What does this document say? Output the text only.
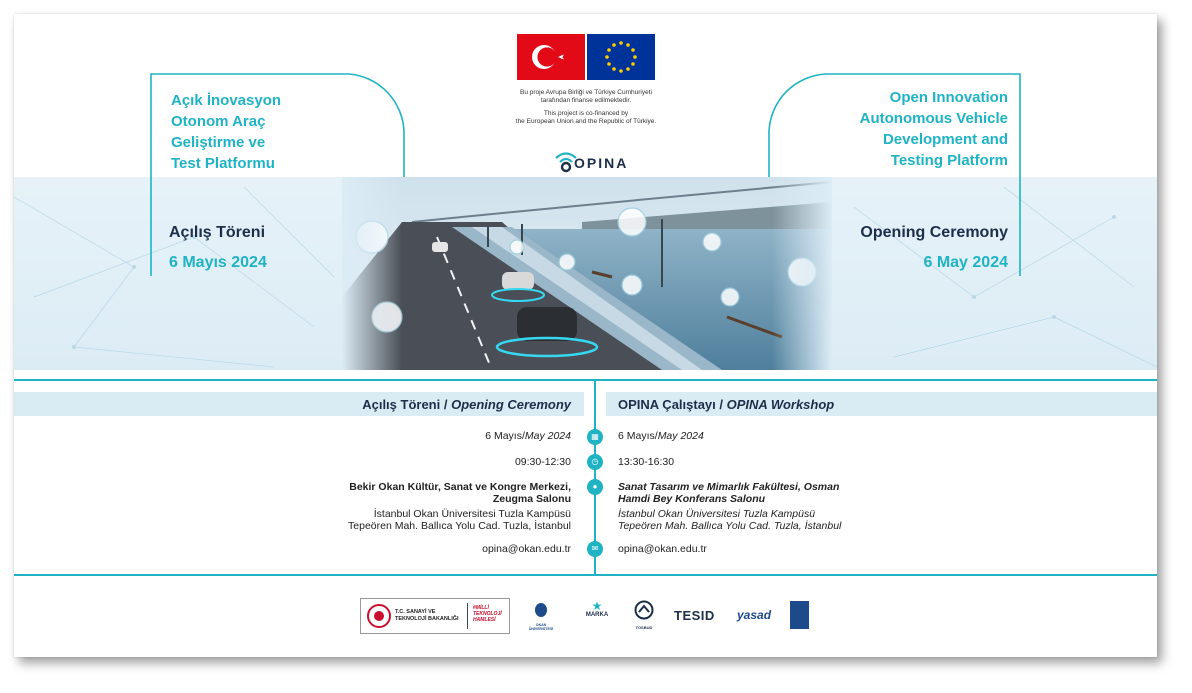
Açık İnovasyon
Otonom Araç
Geliştirme ve
Test Platformu
Açılış Töreni
6 Mayıs 2024
Open Innovation
Autonomous Vehicle
Development and
Testing Platform
Opening Ceremony
6 May 2024
Bu proje Avrupa Birliği ve Türkiye Cumhuriyeti
tarafından finanse edilmektedir.
This project is co-financed by
the European Union and the Republic of Türkiye.
OPINA
Açılış Töreni / Opening Ceremony	OPINA Çalıştayı / OPINA Workshop
▦
◷
●
✉
6 Mayıs/May 2024
09:30-12:30
Bekir Okan Kültür, Sanat ve Kongre Merkezi,
Zeugma Salonu
İstanbul Okan Üniversitesi Tuzla Kampüsü
Tepeören Mah. Ballıca Yolu Cad. Tuzla, İstanbul
opina@okan.edu.tr
6 Mayıs/May 2024
13:30-16:30
Sanat Tasarım ve Mimarlık Fakültesi, Osman
Hamdi Bey Konferans Salonu
İstanbul Okan Üniversitesi Tuzla Kampüsü
Tepeören Mah. Ballıca Yolu Cad. Tuzla, İstanbul
opina@okan.edu.tr
T.C. SANAYİ VE
TEKNOLOJİ BAKANLIĞI
#MİLLİ TEKNOLOJİ HAMLESİ
OKAN ÜNİVERSİTESİ
★
MARKA
TOSBUD
TESID yasad
